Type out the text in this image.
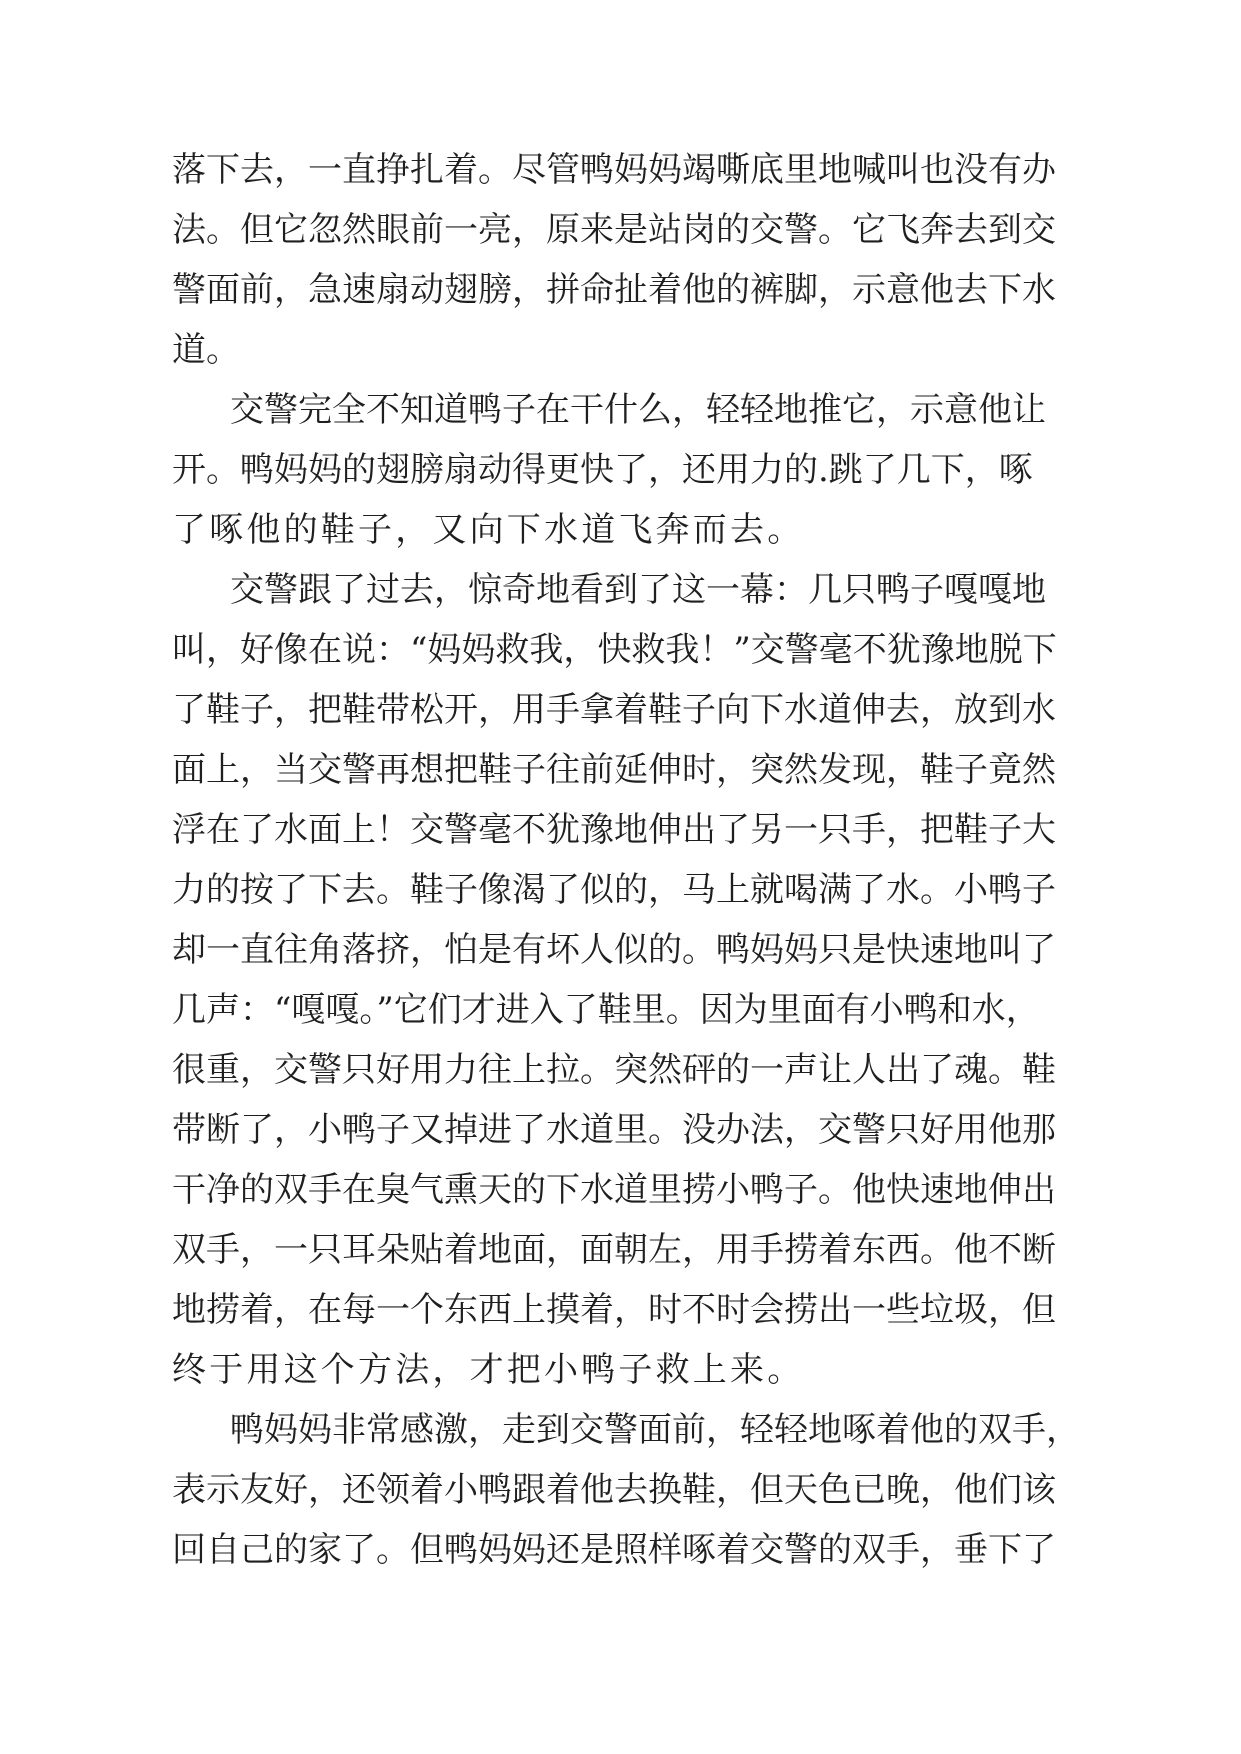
落下去，一直挣扎着。尽管鸭妈妈竭嘶底里地喊叫也没有办
法。但它忽然眼前一亮，原来是站岗的交警。它飞奔去到交
警面前，急速扇动翅膀，拼命扯着他的裤脚，示意他去下水
道。
交警完全不知道鸭子在干什么，轻轻地推它，示意他让
开。鸭妈妈的翅膀扇动得更快了，还用力的.跳了几下，啄
了啄他的鞋子，又向下水道飞奔而去。
交警跟了过去，惊奇地看到了这一幕：几只鸭子嘎嘎地
叫，好像在说：“妈妈救我，快救我！”交警毫不犹豫地脱下
了鞋子，把鞋带松开，用手拿着鞋子向下水道伸去，放到水
面上，当交警再想把鞋子往前延伸时，突然发现，鞋子竟然
浮在了水面上！交警毫不犹豫地伸出了另一只手，把鞋子大
力的按了下去。鞋子像渴了似的，马上就喝满了水。小鸭子
却一直往角落挤，怕是有坏人似的。鸭妈妈只是快速地叫了
几声：“嘎嘎。”它们才进入了鞋里。因为里面有小鸭和水，
很重，交警只好用力往上拉。突然砰的一声让人出了魂。鞋
带断了，小鸭子又掉进了水道里。没办法，交警只好用他那
干净的双手在臭气熏天的下水道里捞小鸭子。他快速地伸出
双手，一只耳朵贴着地面，面朝左，用手捞着东西。他不断
地捞着，在每一个东西上摸着，时不时会捞出一些垃圾，但
终于用这个方法，才把小鸭子救上来。
鸭妈妈非常感激，走到交警面前，轻轻地啄着他的双手，
表示友好，还领着小鸭跟着他去换鞋，但天色已晚，他们该
回自己的家了。但鸭妈妈还是照样啄着交警的双手，垂下了
